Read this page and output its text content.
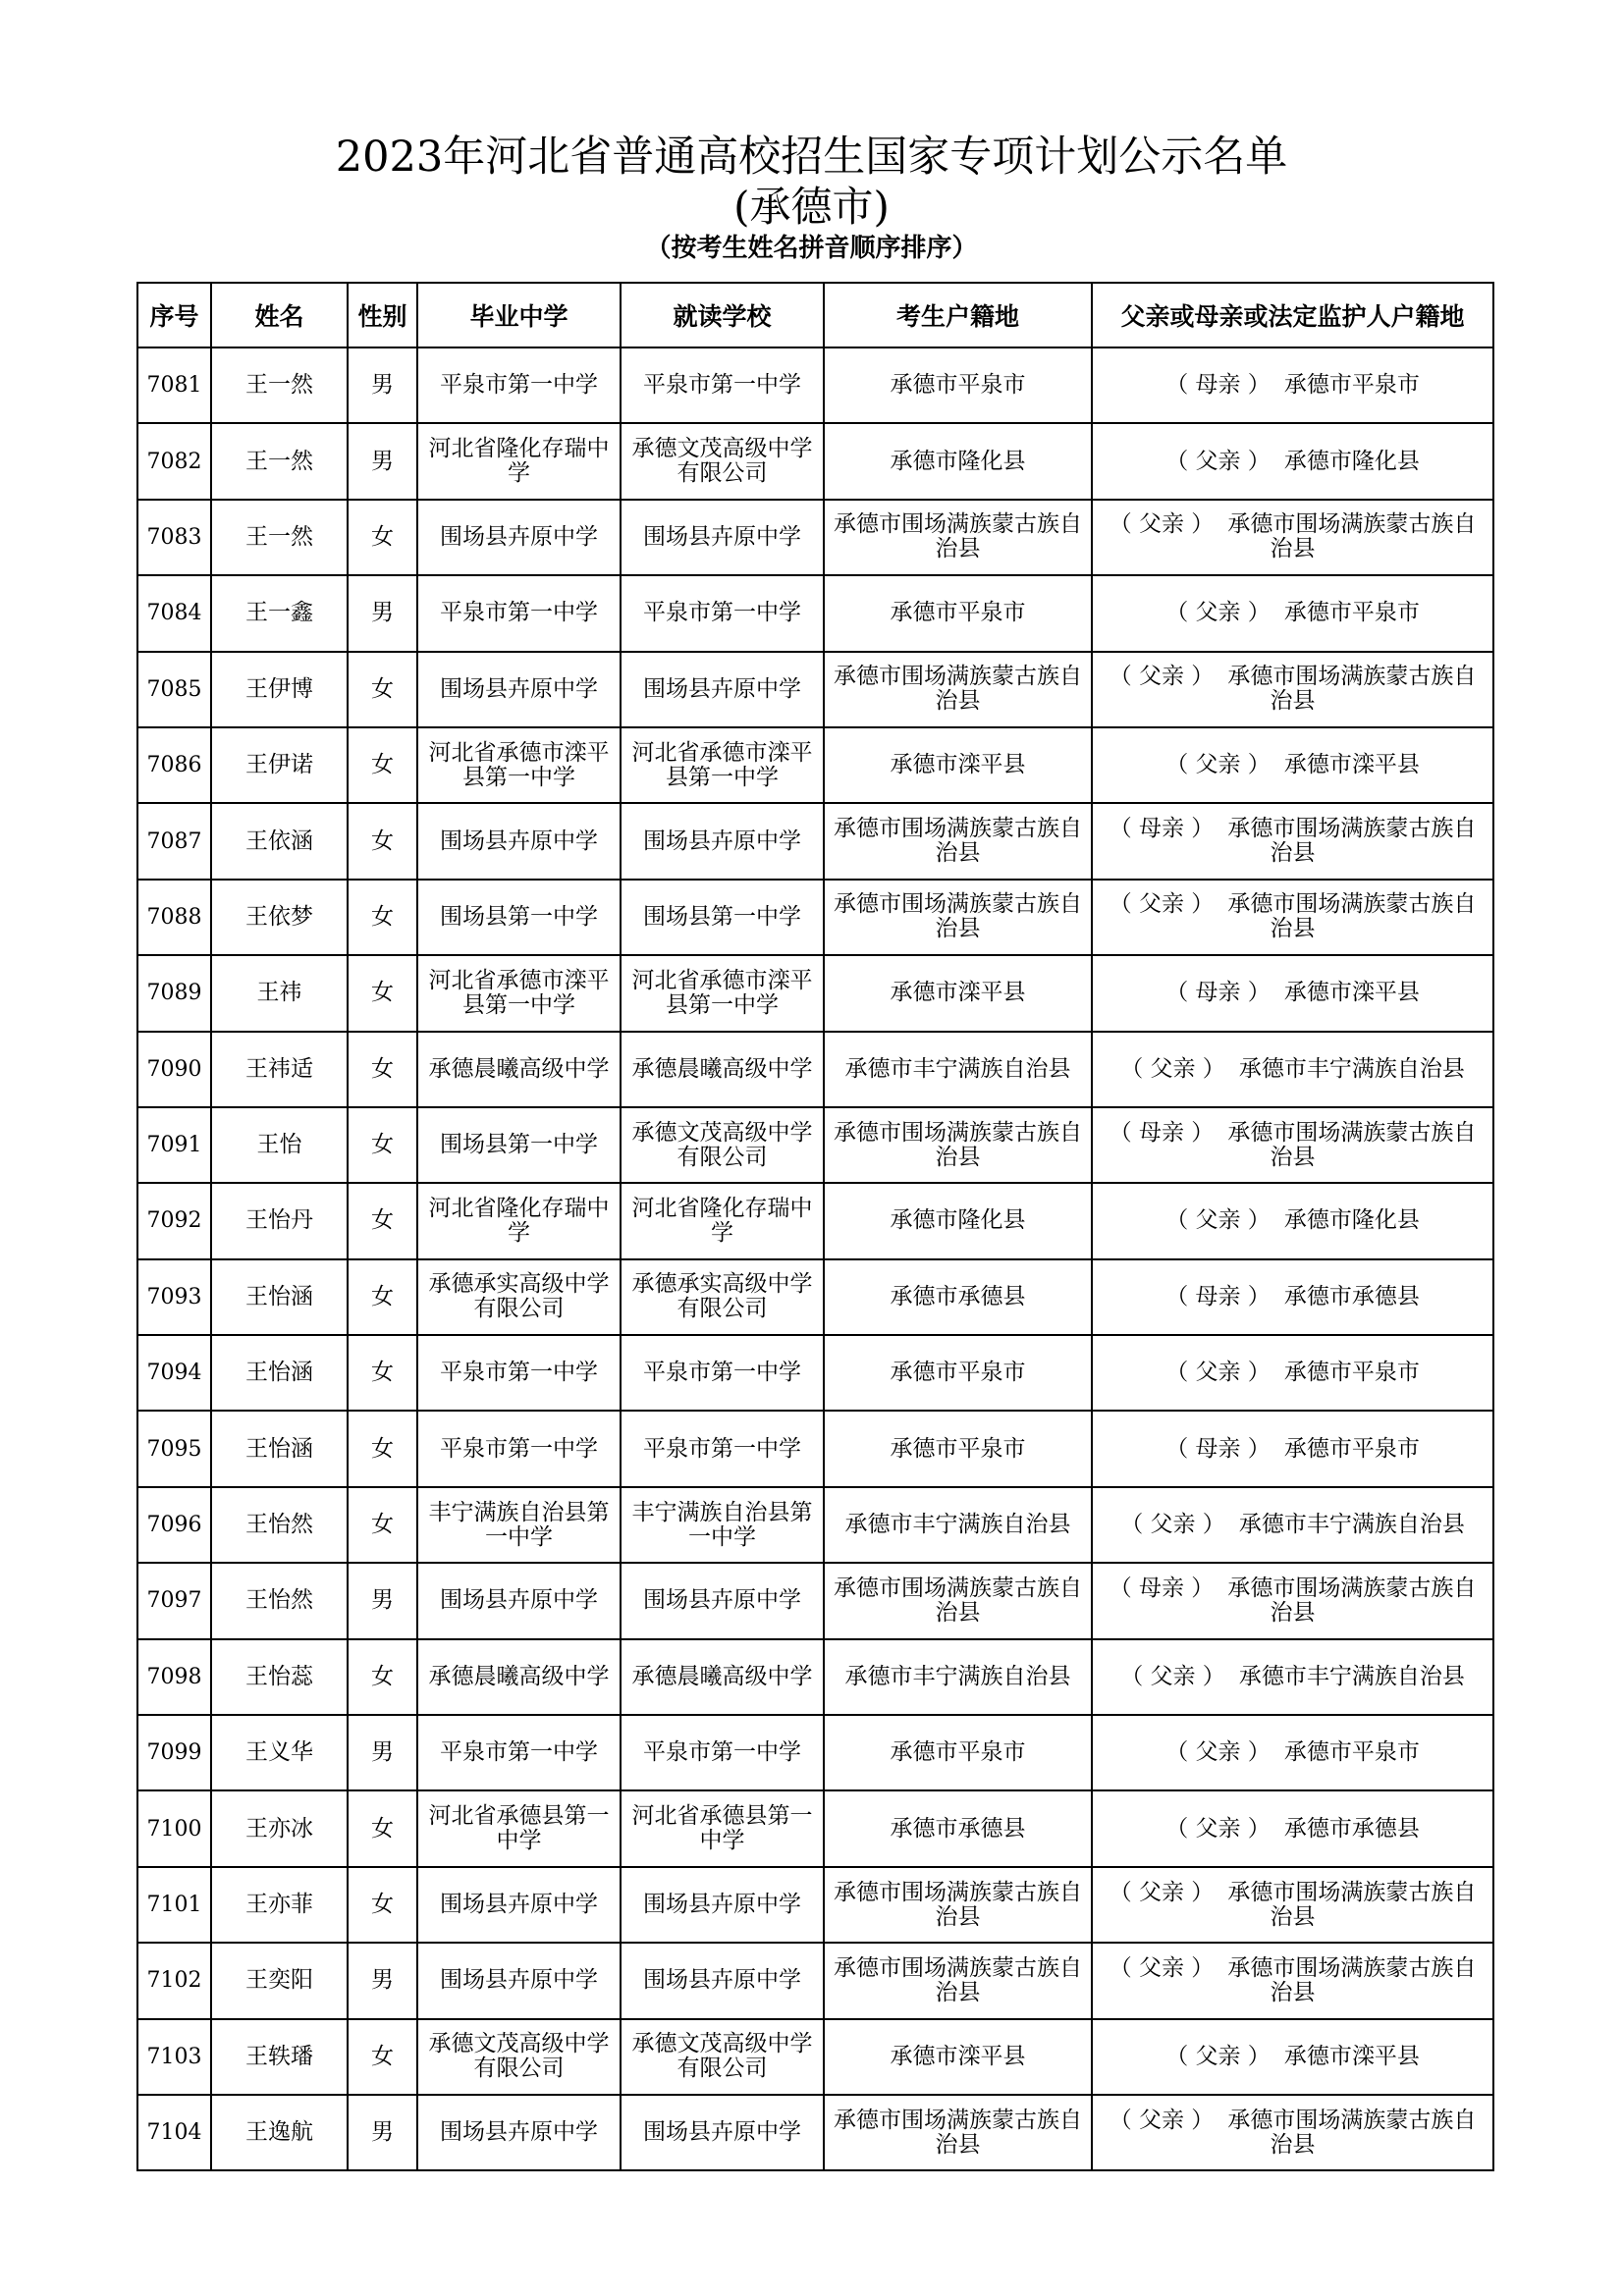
2023年河北省普通高校招生国家专项计划公示名单
(承德市)
（按考生姓名拼音顺序排序）
序号	姓名	性别	毕业中学	就读学校	考生户籍地	父亲或母亲或法定监护人户籍地
7081	王一然	男	平泉市第一中学	平泉市第一中学	承德市平泉市	（ 母亲 ） 承德市平泉市
7082	王一然	男	河北省隆化存瑞中学	承德文茂高级中学有限公司	承德市隆化县	（ 父亲 ） 承德市隆化县
7083	王一然	女	围场县卉原中学	围场县卉原中学	承德市围场满族蒙古族自治县	（ 父亲 ） 承德市围场满族蒙古族自治县
7084	王一鑫	男	平泉市第一中学	平泉市第一中学	承德市平泉市	（ 父亲 ） 承德市平泉市
7085	王伊博	女	围场县卉原中学	围场县卉原中学	承德市围场满族蒙古族自治县	（ 父亲 ） 承德市围场满族蒙古族自治县
7086	王伊诺	女	河北省承德市滦平县第一中学	河北省承德市滦平县第一中学	承德市滦平县	（ 父亲 ） 承德市滦平县
7087	王依涵	女	围场县卉原中学	围场县卉原中学	承德市围场满族蒙古族自治县	（ 母亲 ） 承德市围场满族蒙古族自治县
7088	王依梦	女	围场县第一中学	围场县第一中学	承德市围场满族蒙古族自治县	（ 父亲 ） 承德市围场满族蒙古族自治县
7089	王祎	女	河北省承德市滦平县第一中学	河北省承德市滦平县第一中学	承德市滦平县	（ 母亲 ） 承德市滦平县
7090	王祎适	女	承德晨曦高级中学	承德晨曦高级中学	承德市丰宁满族自治县	（ 父亲 ） 承德市丰宁满族自治县
7091	王怡	女	围场县第一中学	承德文茂高级中学有限公司	承德市围场满族蒙古族自治县	（ 母亲 ） 承德市围场满族蒙古族自治县
7092	王怡丹	女	河北省隆化存瑞中学	河北省隆化存瑞中学	承德市隆化县	（ 父亲 ） 承德市隆化县
7093	王怡涵	女	承德承实高级中学有限公司	承德承实高级中学有限公司	承德市承德县	（ 母亲 ） 承德市承德县
7094	王怡涵	女	平泉市第一中学	平泉市第一中学	承德市平泉市	（ 父亲 ） 承德市平泉市
7095	王怡涵	女	平泉市第一中学	平泉市第一中学	承德市平泉市	（ 母亲 ） 承德市平泉市
7096	王怡然	女	丰宁满族自治县第一中学	丰宁满族自治县第一中学	承德市丰宁满族自治县	（ 父亲 ） 承德市丰宁满族自治县
7097	王怡然	男	围场县卉原中学	围场县卉原中学	承德市围场满族蒙古族自治县	（ 母亲 ） 承德市围场满族蒙古族自治县
7098	王怡蕊	女	承德晨曦高级中学	承德晨曦高级中学	承德市丰宁满族自治县	（ 父亲 ） 承德市丰宁满族自治县
7099	王义华	男	平泉市第一中学	平泉市第一中学	承德市平泉市	（ 父亲 ） 承德市平泉市
7100	王亦冰	女	河北省承德县第一中学	河北省承德县第一中学	承德市承德县	（ 父亲 ） 承德市承德县
7101	王亦菲	女	围场县卉原中学	围场县卉原中学	承德市围场满族蒙古族自治县	（ 父亲 ） 承德市围场满族蒙古族自治县
7102	王奕阳	男	围场县卉原中学	围场县卉原中学	承德市围场满族蒙古族自治县	（ 父亲 ） 承德市围场满族蒙古族自治县
7103	王轶璠	女	承德文茂高级中学有限公司	承德文茂高级中学有限公司	承德市滦平县	（ 父亲 ） 承德市滦平县
7104	王逸航	男	围场县卉原中学	围场县卉原中学	承德市围场满族蒙古族自治县	（ 父亲 ） 承德市围场满族蒙古族自治县
